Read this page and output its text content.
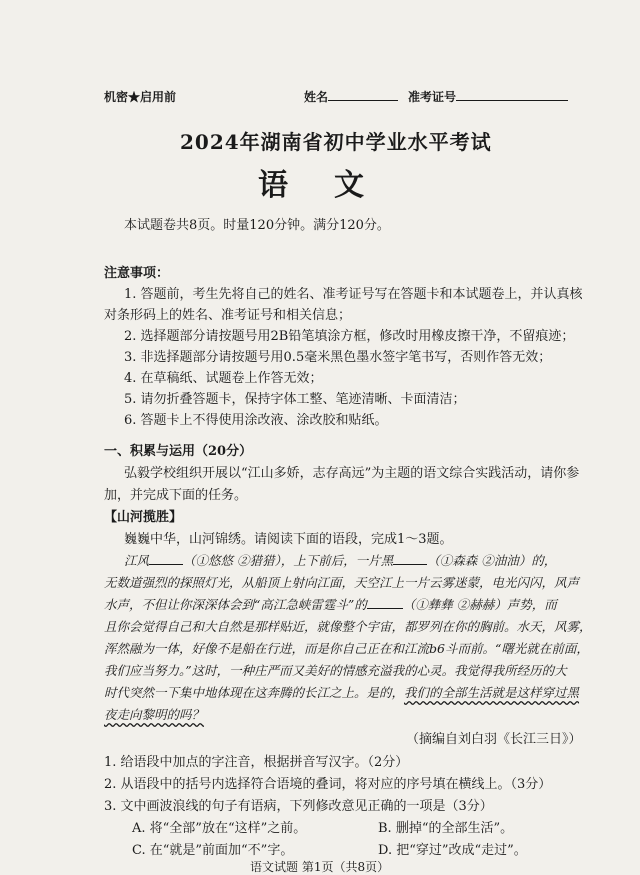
机密★启用前	姓名	准考证号
2024年湖南省初中学业水平考试
语文
本试题卷共8页。时量120分钟。满分120分。
注意事项：
1. 答题前，考生先将自己的姓名、准考证号写在答题卡和本试题卷上，并认真核
对条形码上的姓名、准考证号和相关信息；
2. 选择题部分请按题号用2B铅笔填涂方框，修改时用橡皮擦干净，不留痕迹；
3. 非选择题部分请按题号用0.5毫米黑色墨水签字笔书写，否则作答无效；
4. 在草稿纸、试题卷上作答无效；
5. 请勿折叠答题卡，保持字体工整、笔迹清晰、卡面清洁；
6. 答题卡上不得使用涂改液、涂改胶和贴纸。
一、积累与运用（20分）
弘毅学校组织开展以“江山多娇，志存高远”为主题的语文综合实践活动，请你参
加，并完成下面的任务。
【山河揽胜】
巍巍中华，山河锦绣。请阅读下面的语段，完成1～3题。
江风	（①悠悠 ②猎猎），上下前后，一片黑	（①森森 ②油油）的，
无数道强烈的探照灯光，从船顶上射向江面，天空江上一片云雾迷蒙，电光闪闪，风声
水声，不但让你深深体会到“高江急峡雷霆斗”的	（①彝彝 ②赫赫）声势，而
且你会觉得自己和大自然是那样贴近，就像整个宇宙，都罗列在你的胸前。水天，风雾，
浑然融为一体，好像不是船在行进，而是你自己正在和江流b6斗而前。“曙光就在前面，
我们应当努力。”这时，一种庄严而又美好的情感充溢我的心灵。我觉得我所经历的大
时代突然一下集中地体现在这奔腾的长江之上。是的，我们的全部生活就是这样穿过黑
夜走向黎明的吗？
（摘编自刘白羽《长江三日》）
1. 给语段中加点的字注音，根据拼音写汉字。（2分）
2. 从语段中的括号内选择符合语境的叠词，将对应的序号填在横线上。（3分）
3. 文中画波浪线的句子有语病，下列修改意见正确的一项是（3分）
A. 将“全部”放在“这样”之前。	B. 删掉“的全部生活”。
C. 在“就是”前面加“不”字。	D. 把“穿过”改成“走过”。
语文试题 第1页（共8页）
